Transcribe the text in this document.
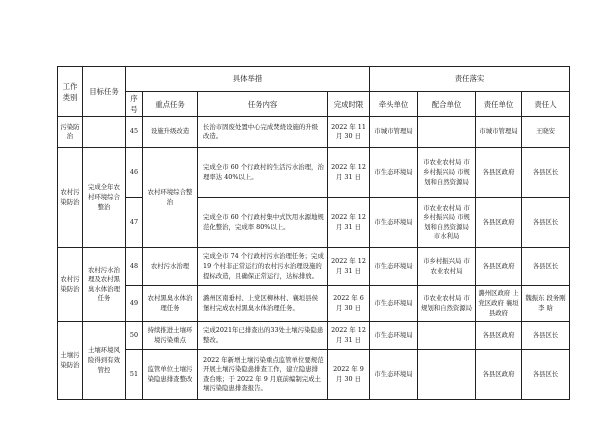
工作类别	目标任务	具体举措				责任落实			
		序号	重点任务	任务内容	完成时限	牵头单位	配合单位	责任单位	责任人
污染防治		45	设施升级改造	长治市固废处置中心完成焚烧设施的升级改造。	2022 年 11 月 30 日	市城市管理局		市城市管理局	王晓安
农村污染防治	完成全年农村环境综合整治	46	农村环境综合整治	完成全市 60 个行政村的生活污水治理，治理率达 40%以上。	2022 年 12 月 31 日	市生态环境局	市农业农村局 市乡村振兴局 市规划和自然资源局	各县区政府	各县区长
		47		完成全市 60 个行政村集中式饮用水源地规范化整治，完成率 80%以上。	2022 年 12 月 31 日	市生态环境局	市农业农村局 市乡村振兴局 市规划和自然资源局 市水利局	各县区政府	各县区长
农村污染防治	农村污水治理及农村黑臭水体治理任务	48	农村污水治理	完成全市 74 个行政村污水治理任务；完成 19 个村非正常运行的农村污水治理设施的提标改造，且确保正常运行，达标排放。	2022 年 12 月 31 日	市生态环境局	市乡村振兴局 市农业农村局	各县区政府	各县区长
		49	农村黑臭水体治理任务	潞州区南垂村、上党区柳林村、襄垣县侯堡村完成农村黑臭水体治理任务。	2022 年 6 月 30 日	市生态环境局	市农业农村局 市规划和自然资源局	潞州区政府 上党区政府 襄垣县政府	魏振东 段务刚 李 晗
土壤污染防治	土壤环境风险得到有效管控	50	持续推进土壤环境污染重点	完成2021年已排查出的33处土壤污染隐患整改。	2022 年 12 月 31 日	市生态环境局		各县区政府	各县区长
		51	监管单位土壤污染隐患排查整改	2022 年新增土壤污染重点监管单位要规范开展土壤污染隐患排查工作，建立隐患排查台账；于 2022 年 9 月底前编制完成土壤污染隐患排查报告。	2022 年 9 月 30 日	市生态环境局		各县区政府	各县区长
